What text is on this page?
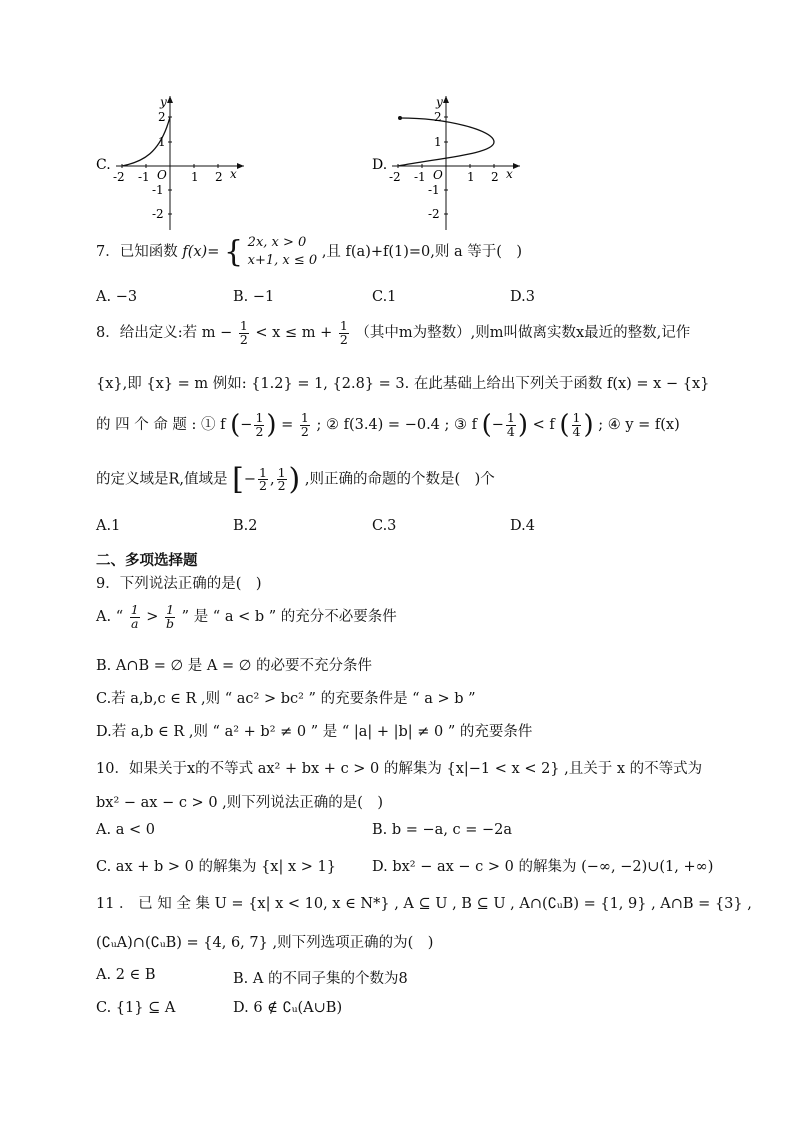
C.
-2 -1	1 2
2
1
-1
-2
O	x
y
D.
-2 -1	1 2
2
1
-1
-2
O	x
y
7．已知函数 f(x)= { 2x, x > 0
x+1, x ≤ 0
,且 f(a)+f(1)=0,则 a 等于(　)
A. −3	B. −1	C.1	D.3
8．给出定义:若 $m - \frac{1}{2} < x \le m + \frac{1}{2}$ （其中m为整数）,则m叫做离实数x最近的整数,记作
{x},即 {x} = m 例如: {1.2} = 1, {2.8} = 3. 在此基础上给出下列关于函数 f(x) = x − {x}
的 四 个 命 题 : ① f (− $\frac{1}{2}$ ) = $\frac{1}{2}$ ; ② f(3.4) = −0.4 ; ③ f (− $\frac{1}{4}$ ) < f ( $\frac{1}{4}$ ) ; ④ y = f(x)
的定义域是R,值域是 [− $\frac{1}{2}$ , $\frac{1}{2}$ ) ,则正确的命题的个数是(　)个
A.1	B.2	C.3	D.4
二、多项选择题
9．下列说法正确的是(　)
A. “ $\frac{1}{a} > \frac{1}{b}$ ” 是 “ a < b ” 的充分不必要条件
B. A∩B = ∅ 是 A = ∅ 的必要不充分条件
C.若 a,b,c ∈ R ,则 “ ac² > bc² ” 的充要条件是 “ a > b ”
D.若 a,b ∈ R ,则 “ a² + b² ≠ 0 ” 是 “ |a| + |b| ≠ 0 ” 的充要条件
10．如果关于x的不等式 ax² + bx + c > 0 的解集为 {x|−1 < x < 2} ,且关于 x 的不等式为
bx² − ax − c > 0 ,则下列说法正确的是(　)
A. a < 0	B. b = −a, c = −2a
C. ax + b > 0 的解集为 {x| x > 1} D. bx² − ax − c > 0 的解集为 (−∞, −2)∪(1, +∞)
11 ． 已 知 全 集 U = {x| x < 10, x ∈ N*} , A ⊆ U , B ⊆ U , A∩(∁ᵤB) = {1, 9} , A∩B = {3} ,
(∁ᵤA)∩(∁ᵤB) = {4, 6, 7} ,则下列选项正确的为(　)
A. 2 ∈ B	B. A 的不同子集的个数为8
C. {1} ⊆ A	D. 6 ∉ ∁ᵤ(A∪B)
